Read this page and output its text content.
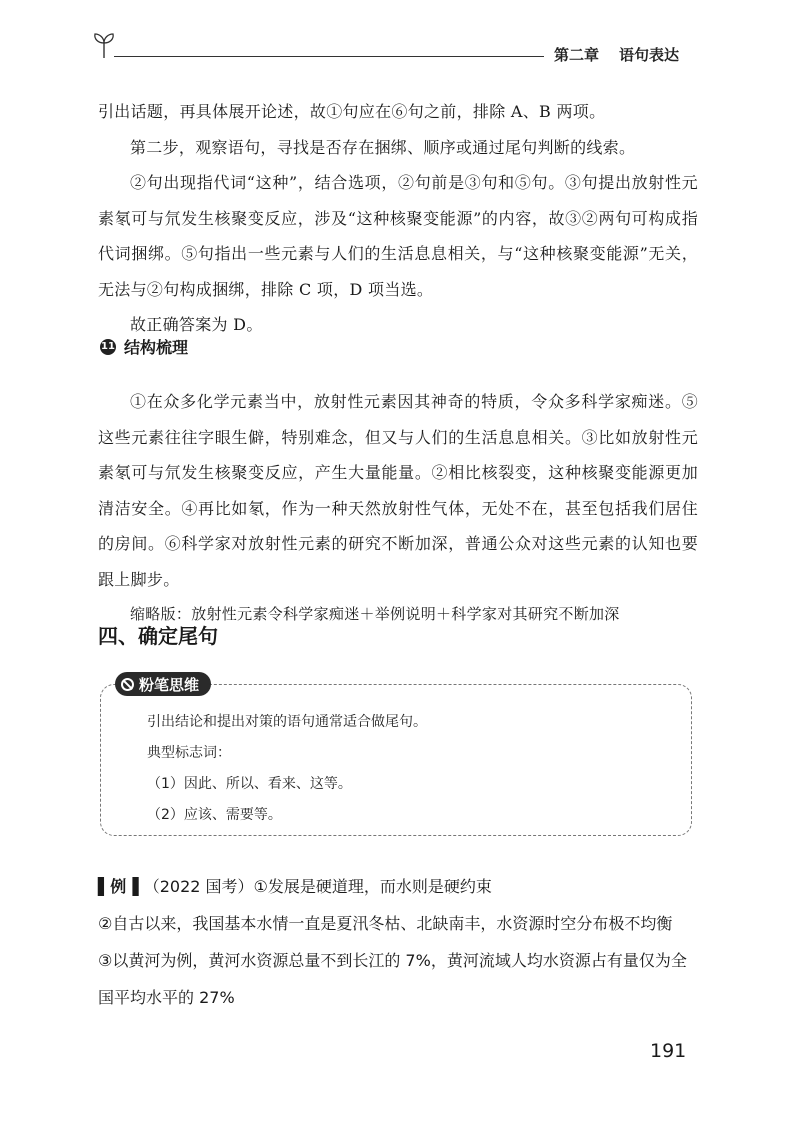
第二章 语句表达

引出话题，再具体展开论述，故①句应在⑥句之前，排除 A、B 两项。

第二步，观察语句，寻找是否存在捆绑、顺序或通过尾句判断的线索。

②句出现指代词“这种”，结合选项，②句前是③句和⑤句。③句提出放射性元素氡可与氘发生核聚变反应，涉及“这种核聚变能源”的内容，故③②两句可构成指代词捆绑。⑤句指出一些元素与人们的生活息息相关，与“这种核聚变能源”无关，无法与②句构成捆绑，排除 C 项，D 项当选。

故正确答案为 D。

11 结构梳理

①在众多化学元素当中，放射性元素因其神奇的特质，令众多科学家痴迷。⑤这些元素往往字眼生僻，特别难念，但又与人们的生活息息相关。③比如放射性元素氡可与氘发生核聚变反应，产生大量能量。②相比核裂变，这种核聚变能源更加清洁安全。④再比如氡，作为一种天然放射性气体，无处不在，甚至包括我们居住的房间。⑥科学家对放射性元素的研究不断加深，普通公众对这些元素的认知也要跟上脚步。

缩略版：放射性元素令科学家痴迷＋举例说明＋科学家对其研究不断加深

四、确定尾句
粉笔思维

引出结论和提出对策的语句通常适合做尾句。

典型标志词：

（1）因此、所以、看来、这等。

（2）应该、需要等。

▌例▐ （2022 国考）①发展是硬道理，而水则是硬约束
②自古以来，我国基本水情一直是夏汛冬枯、北缺南丰，水资源时空分布极不均衡
③以黄河为例，黄河水资源总量不到长江的 7%，黄河流域人均水资源占有量仅为全国平均水平的 27%
191
